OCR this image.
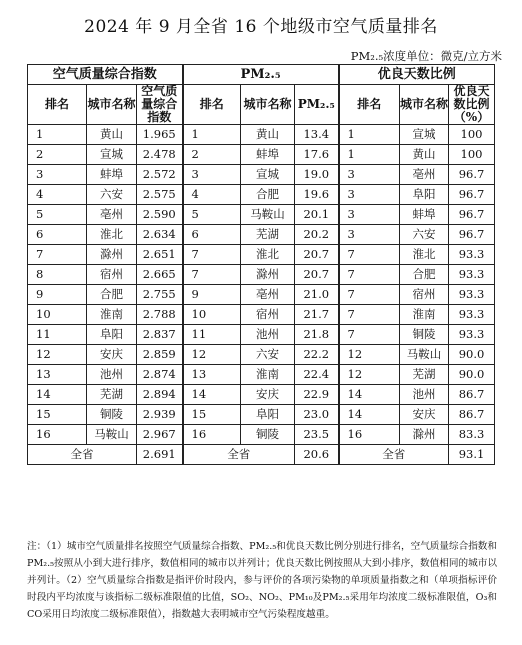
2024 年 9 月全省 16 个地级市空气质量排名
PM₂.₅浓度单位：微克/立方米
空气质量综合指数			PM₂.₅			优良天数比例		
排名	城市名称	空气质量综合指数	排名	城市名称	PM₂.₅	排名	城市名称	优良天数比例（%）
1	黄山	1.965	1	黄山	13.4	1	宣城	100
2	宣城	2.478	2	蚌埠	17.6	1	黄山	100
3	蚌埠	2.572	3	宣城	19.0	3	亳州	96.7
4	六安	2.575	4	合肥	19.6	3	阜阳	96.7
5	亳州	2.590	5	马鞍山	20.1	3	蚌埠	96.7
6	淮北	2.634	6	芜湖	20.2	3	六安	96.7
7	滁州	2.651	7	淮北	20.7	7	淮北	93.3
8	宿州	2.665	7	滁州	20.7	7	合肥	93.3
9	合肥	2.755	9	亳州	21.0	7	宿州	93.3
10	淮南	2.788	10	宿州	21.7	7	淮南	93.3
11	阜阳	2.837	11	池州	21.8	7	铜陵	93.3
12	安庆	2.859	12	六安	22.2	12	马鞍山	90.0
13	池州	2.874	13	淮南	22.4	12	芜湖	90.0
14	芜湖	2.894	14	安庆	22.9	14	池州	86.7
15	铜陵	2.939	15	阜阳	23.0	14	安庆	86.7
16	马鞍山	2.967	16	铜陵	23.5	16	滁州	83.3
全省		2.691	全省		20.6	全省		93.1
注：（1）城市空气质量排名按照空气质量综合指数、PM₂.₅和优良天数比例分别进行排名，空气质量综合指数和PM₂.₅按照从小到大进行排序，数值相同的城市以并列计；优良天数比例按照从大到小排序，数值相同的城市以并列计。（2）空气质量综合指数是指评价时段内，参与评价的各项污染物的单项质量指数之和（单项指标评价时段内平均浓度与该指标二级标准限值的比值，SO₂、NO₂、PM₁₀及PM₂.₅采用年均浓度二级标准限值，O₃和CO采用日均浓度二级标准限值），指数越大表明城市空气污染程度越重。
